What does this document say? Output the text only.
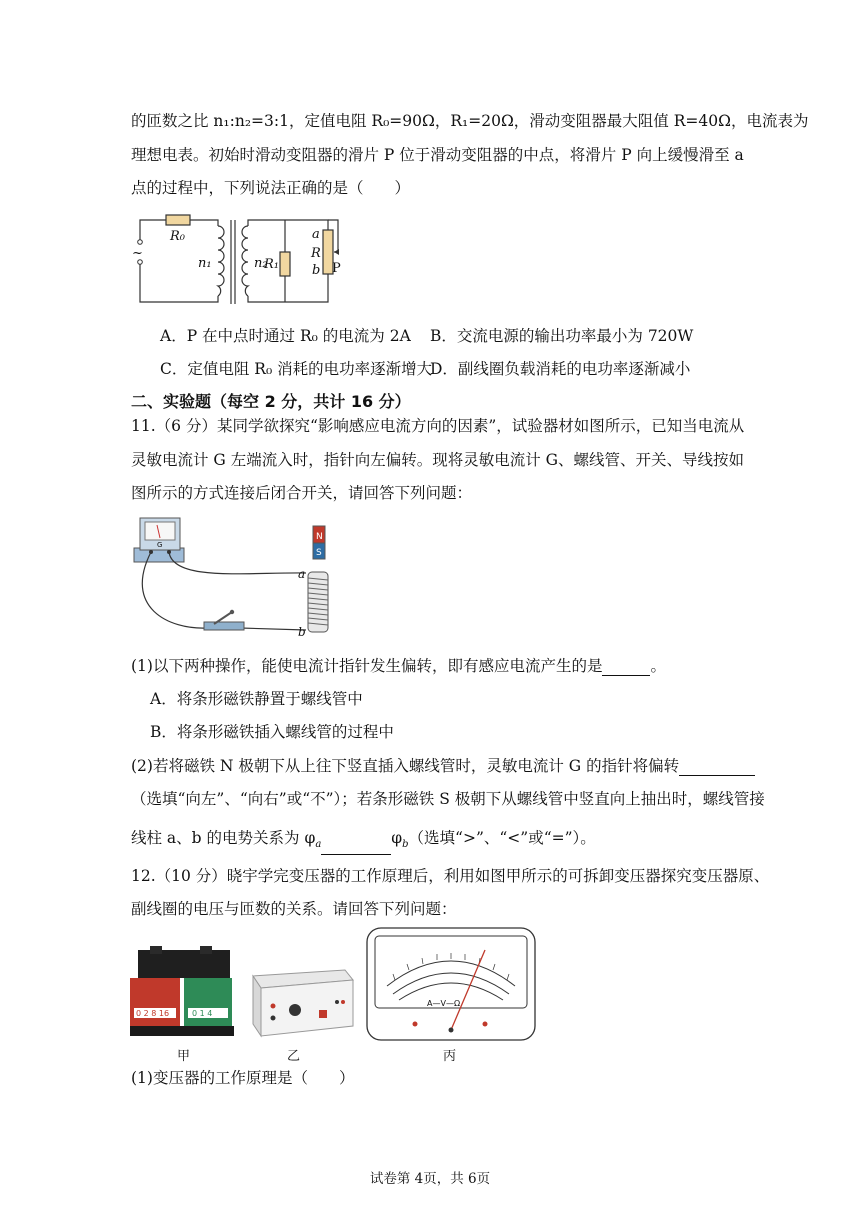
的匝数之比 n₁:n₂=3:1，定值电阻 R₀=90Ω，R₁=20Ω，滑动变阻器最大阻值 R=40Ω，电流表为
理想电表。初始时滑动变阻器的滑片 P 位于滑动变阻器的中点，将滑片 P 向上缓慢滑至 a
点的过程中，下列说法正确的是（　　）
~
R₀
n₁	n₂
R₁
a
R
b P
A．P 在中点时通过 R₀ 的电流为 2A B．交流电源的输出功率最小为 720W
C．定值电阻 R₀ 消耗的电功率逐渐增大
D．副线圈负载消耗的电功率逐渐减小
二、实验题（每空 2 分，共计 16 分）
11.（6 分）某同学欲探究“影响感应电流方向的因素”，试验器材如图所示，已知当电流从
灵敏电流计 G 左端流入时，指针向左偏转。现将灵敏电流计 G、螺线管、开关、导线按如
图所示的方式连接后闭合开关，请回答下列问题：
G
N
S
a
b
(1)以下两种操作，能使电流计指针发生偏转，即有感应电流产生的是	。
A．将条形磁铁静置于螺线管中
B．将条形磁铁插入螺线管的过程中
(2)若将磁铁 N 极朝下从上往下竖直插入螺线管时，灵敏电流计 G 的指针将偏转
（选填“向左”、“向右”或“不”）；若条形磁铁 S 极朝下从螺线管中竖直向上抽出时，螺线管接
线柱 a、b 的电势关系为 $\varphi_a$	$\varphi_b$（选填“>”、“<”或“=”）。
12.（10 分）晓宇学完变压器的工作原理后，利用如图甲所示的可拆卸变压器探究变压器原、
副线圈的电压与匝数的关系。请回答下列问题：
0 2 8 16	0 1 4
甲	乙
A—V—Ω
丙
(1)变压器的工作原理是（　　）
试卷第 4页，共 6页
